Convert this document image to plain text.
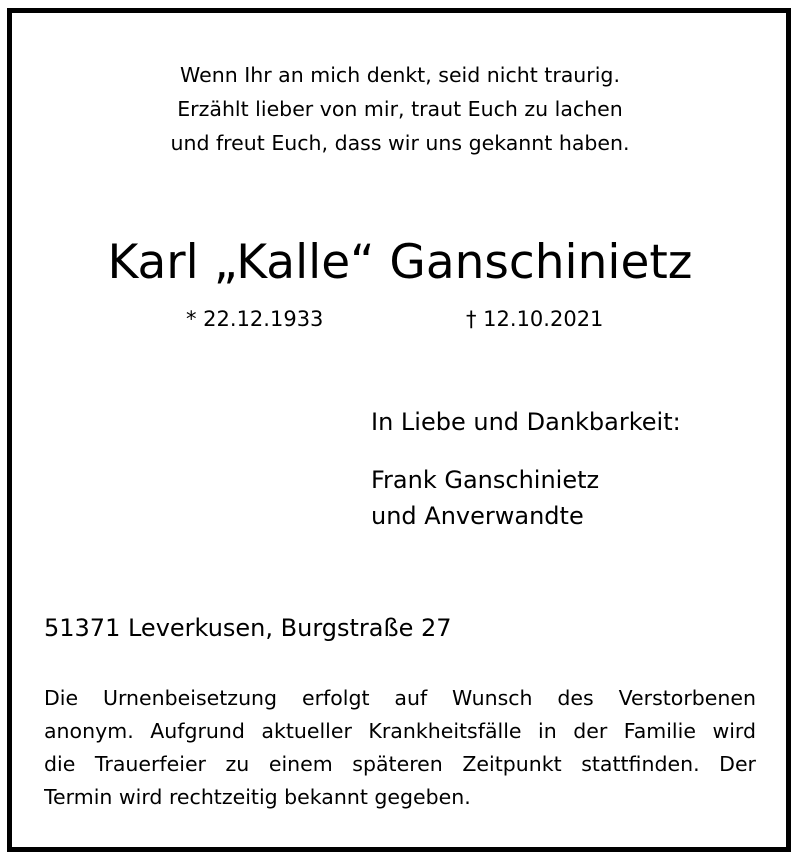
Wenn Ihr an mich denkt, seid nicht traurig.
Erzählt lieber von mir, traut Euch zu lachen
und freut Euch, dass wir uns gekannt haben.
Karl „Kalle“ Ganschinietz
* 22.12.1933	† 12.10.2021
In Liebe und Dankbarkeit:
Frank Ganschinietz
und Anverwandte
51371 Leverkusen, Burgstraße 27
Die Urnenbeisetzung erfolgt auf Wunsch des Verstorbenen
anonym. Aufgrund aktueller Krankheitsfälle in der Familie wird
die Trauerfeier zu einem späteren Zeitpunkt stattfinden. Der
Termin wird rechtzeitig bekannt gegeben.
